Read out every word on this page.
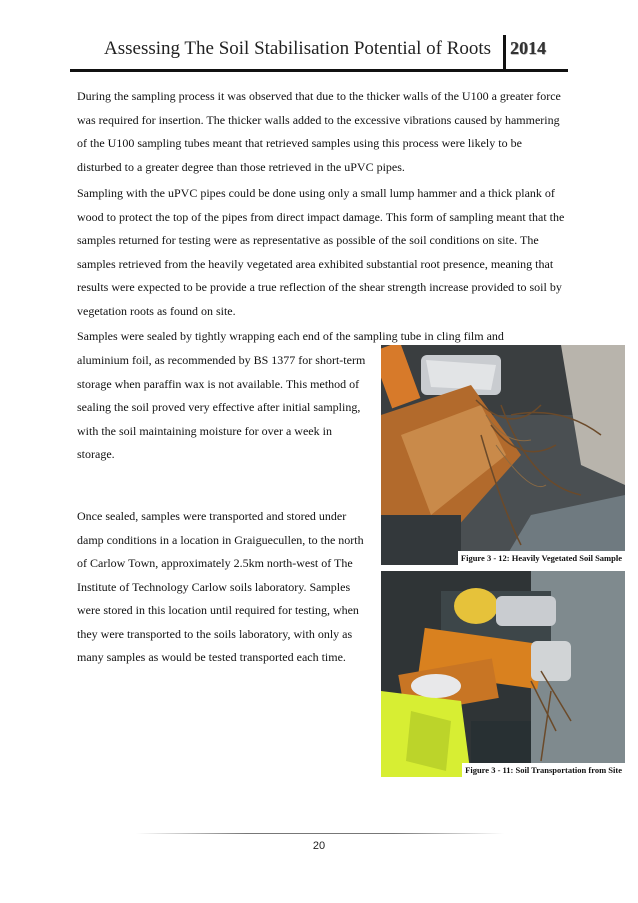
Assessing The Soil Stabilisation Potential of Roots 2014

During the sampling process it was observed that due to the thicker walls of the U100 a greater force was required for insertion. The thicker walls added to the excessive vibrations caused by hammering of the U100 sampling tubes meant that retrieved samples using this process were likely to be disturbed to a greater degree than those retrieved in the uPVC pipes.

Sampling with the uPVC pipes could be done using only a small lump hammer and a thick plank of wood to protect the top of the pipes from direct impact damage. This form of sampling meant that the samples returned for testing were as representative as possible of the soil conditions on site. The samples retrieved from the heavily vegetated area exhibited substantial root presence, meaning that results were expected to be provide a true reflection of the shear strength increase provided to soil by vegetation roots as found on site.

Samples were sealed by tightly wrapping each end of the sampling tube in cling film and

aluminium foil, as recommended by BS 1377 for short-term storage when paraffin wax is not available. This method of sealing the soil proved very effective after initial sampling, with the soil maintaining moisture for over a week in storage.

Once sealed, samples were transported and stored under damp conditions in a location in Graiguecullen, to the north of Carlow Town, approximately 2.5km north-west of The Institute of Technology Carlow soils laboratory. Samples were stored in this location until required for testing, when they were transported to the soils laboratory, with only as many samples as would be tested transported each time.

Figure 3 - 12: Heavily Vegetated Soil Sample
Figure 3 - 11: Soil Transportation from Site
20
